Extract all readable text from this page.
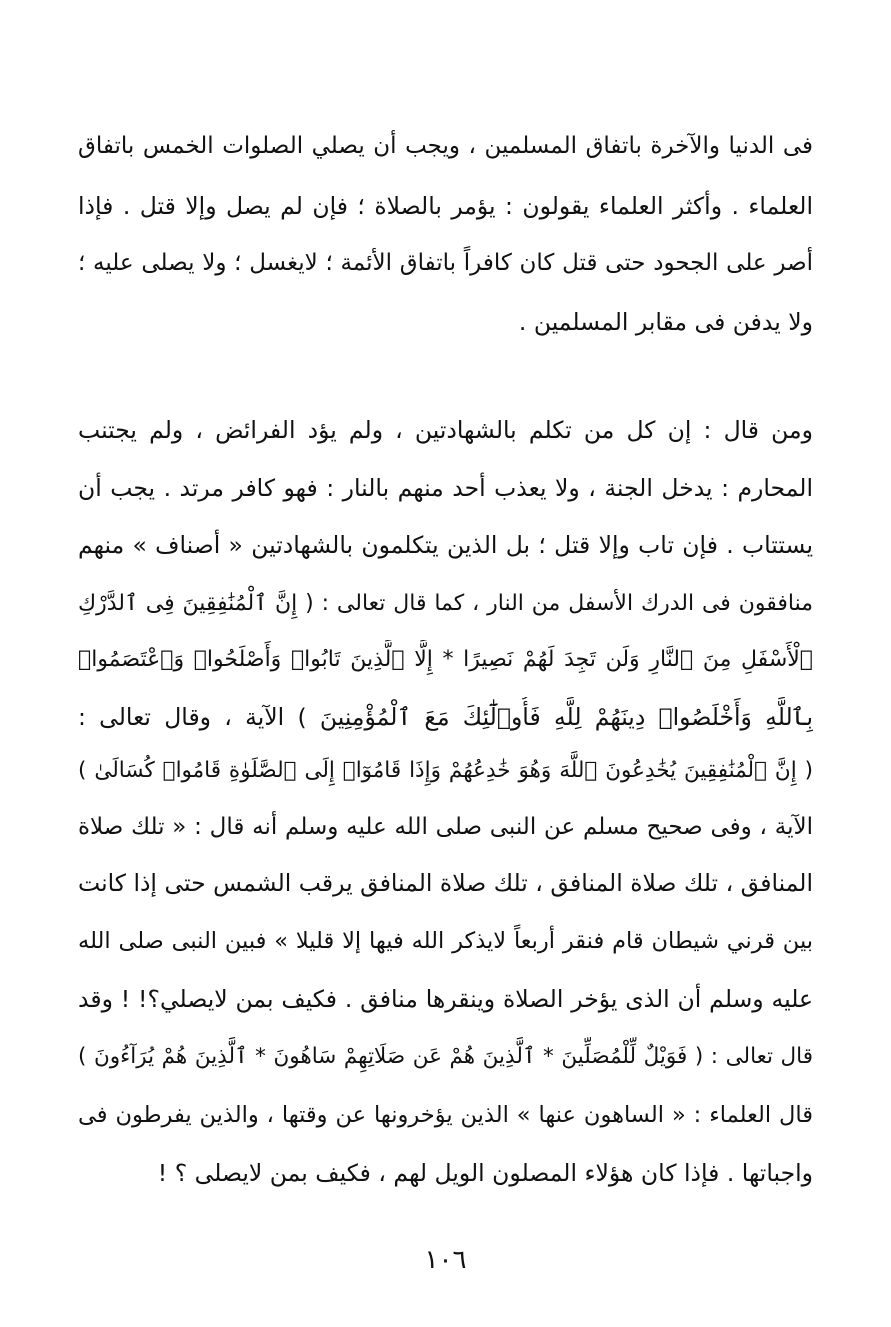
فى الدنيا والآخرة باتفاق المسلمين ، ويجب أن يصلي الصلوات الخمس باتفاق
العلماء . وأكثر العلماء يقولون : يؤمر بالصلاة ؛ فإن لم يصل وإلا قتل . فإذا
أصر على الجحود حتى قتل كان كافراً باتفاق الأئمة ؛ لايغسل ؛ ولا يصلى عليه ؛
ولا يدفن فى مقابر المسلمين .
ومن قال : إن كل من تكلم بالشهادتين ، ولم يؤد الفرائض ، ولم يجتنب
المحارم : يدخل الجنة ، ولا يعذب أحد منهم بالنار : فهو كافر مرتد . يجب أن
يستتاب . فإن تاب وإلا قتل ؛ بل الذين يتكلمون بالشهادتين « أصناف » منهم
منافقون فى الدرك الأسفل من النار ، كما قال تعالى : ( إِنَّ ٱلْمُنَٰفِقِينَ فِى ٱلدَّرْكِ
ٱلْأَسْفَلِ مِنَ ٱلنَّارِ وَلَن تَجِدَ لَهُمْ نَصِيرًا * إِلَّا ٱلَّذِينَ تَابُوا۟ وَأَصْلَحُوا۟ وَٱعْتَصَمُوا۟
بِٱللَّهِ وَأَخْلَصُوا۟ دِينَهُمْ لِلَّهِ فَأُو۟لَٰٓئِكَ مَعَ ٱلْمُؤْمِنِينَ ) الآية ، وقال تعالى :
( إِنَّ ٱلْمُنَٰفِقِينَ يُخَٰدِعُونَ ٱللَّهَ وَهُوَ خَٰدِعُهُمْ وَإِذَا قَامُوٓا۟ إِلَى ٱلصَّلَوٰةِ قَامُوا۟ كُسَالَىٰ )
الآية ، وفى صحيح مسلم عن النبى صلى الله عليه وسلم أنه قال : « تلك صلاة
المنافق ، تلك صلاة المنافق ، تلك صلاة المنافق يرقب الشمس حتى إذا كانت
بين قرني شيطان قام فنقر أربعاً لايذكر الله فيها إلا قليلا » فبين النبى صلى الله
عليه وسلم أن الذى يؤخر الصلاة وينقرها منافق . فكيف بمن لايصلي؟! ! وقد
قال تعالى : ( فَوَيْلٌ لِّلْمُصَلِّينَ * ٱلَّذِينَ هُمْ عَن صَلَاتِهِمْ سَاهُونَ * ٱلَّذِينَ هُمْ يُرَآءُونَ )
قال العلماء : « الساهون عنها » الذين يؤخرونها عن وقتها ، والذين يفرطون فى
واجباتها . فإذا كان هؤلاء المصلون الويل لهم ، فكيف بمن لايصلى ؟ !
١٠٦
